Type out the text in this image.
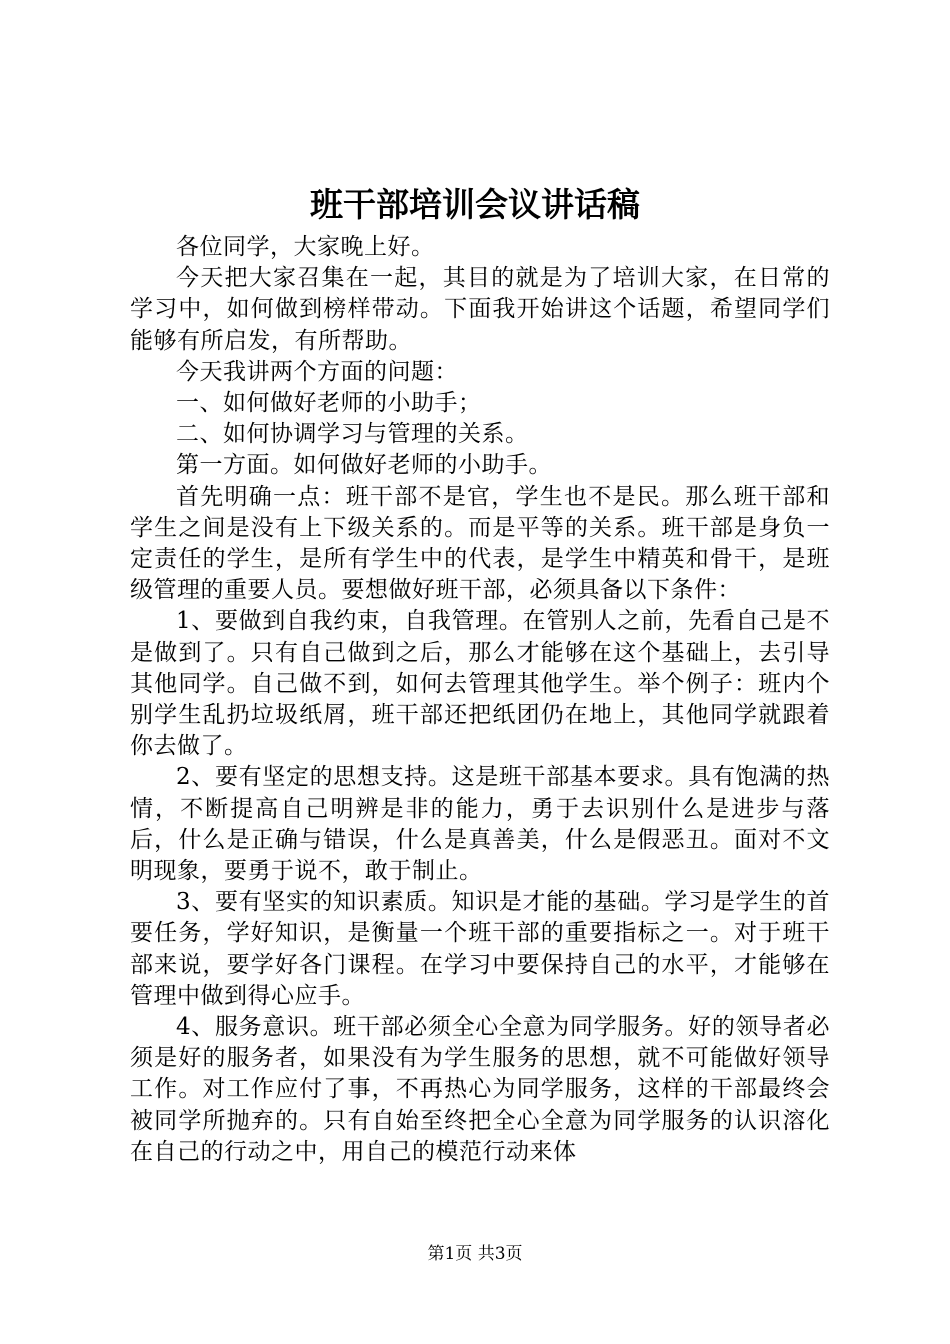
班干部培训会议讲话稿

各位同学，大家晚上好。

今天把大家召集在一起，其目的就是为了培训大家，在日常的学习中，如何做到榜样带动。下面我开始讲这个话题，希望同学们能够有所启发，有所帮助。

今天我讲两个方面的问题：

一、如何做好老师的小助手；

二、如何协调学习与管理的关系。

第一方面。如何做好老师的小助手。

首先明确一点：班干部不是官，学生也不是民。那么班干部和学生之间是没有上下级关系的。而是平等的关系。班干部是身负一定责任的学生，是所有学生中的代表，是学生中精英和骨干，是班级管理的重要人员。要想做好班干部，必须具备以下条件：

1、要做到自我约束，自我管理。在管别人之前，先看自己是不是做到了。只有自己做到之后，那么才能够在这个基础上，去引导其他同学。自己做不到，如何去管理其他学生。举个例子：班内个别学生乱扔垃圾纸屑，班干部还把纸团仍在地上，其他同学就跟着你去做了。

2、要有坚定的思想支持。这是班干部基本要求。具有饱满的热情，不断提高自己明辨是非的能力，勇于去识别什么是进步与落后，什么是正确与错误，什么是真善美，什么是假恶丑。面对不文明现象，要勇于说不，敢于制止。

3、要有坚实的知识素质。知识是才能的基础。学习是学生的首要任务，学好知识，是衡量一个班干部的重要指标之一。对于班干部来说，要学好各门课程。在学习中要保持自己的水平，才能够在管理中做到得心应手。

4、服务意识。班干部必须全心全意为同学服务。好的领导者必须是好的服务者，如果没有为学生服务的思想，就不可能做好领导工作。对工作应付了事，不再热心为同学服务，这样的干部最终会被同学所抛弃的。只有自始至终把全心全意为同学服务的认识溶化在自己的行动之中，用自己的模范行动来体

第1页 共3页
